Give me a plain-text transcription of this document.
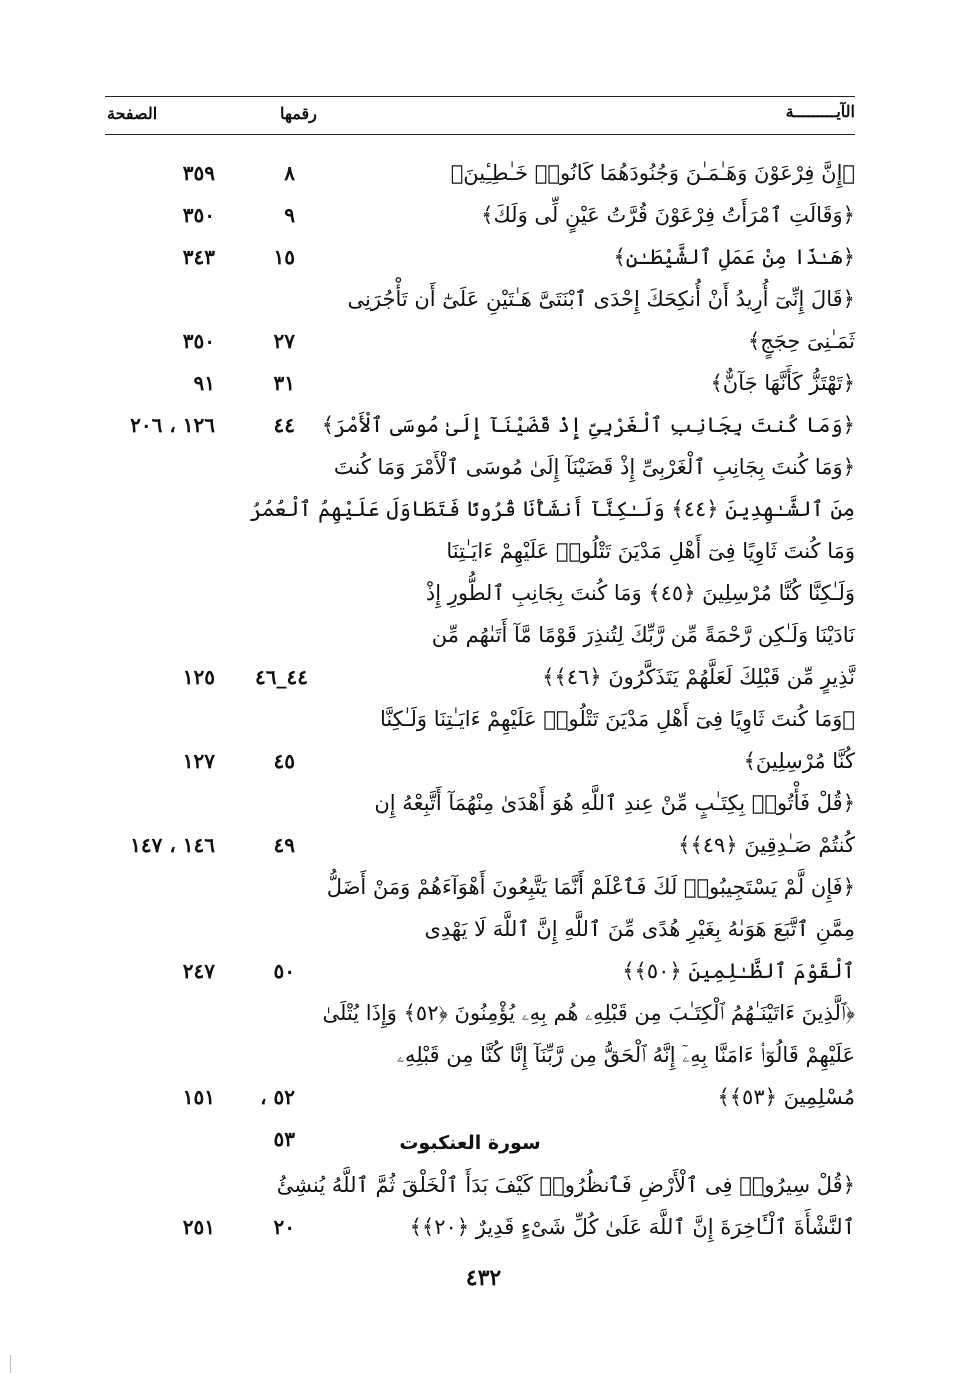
الآيـــــــــة
رقمها
الصفحة
﴿إِنَّ فِرْعَوْنَ وَهَـٰمَـٰنَ وَجُنُودَهُمَا كَانُوا۟ خَـٰطِـِٔينَ﴾
٨
٣٥٩
﴿وَقَالَتِ ٱمْرَأَتُ فِرْعَوْنَ قُرَّتُ عَيْنٍ لِّى وَلَكَ﴾
٩
٣٥٠
﴿هَـٰذَا مِنْ عَمَلِ ٱلشَّيْطَـٰنِ﴾
١٥
٣٤٣
﴿قَالَ إِنِّىٓ أُرِيدُ أَنْ أُنكِحَكَ إِحْدَى ٱبْنَتَىَّ هَـٰتَيْنِ عَلَىٰٓ أَن تَأْجُرَنِى
ثَمَـٰنِىَ حِجَجٍ﴾
٢٧
٣٥٠
﴿تَهْتَزُّ كَأَنَّهَا جَآنٌّ﴾
٣١
٩١
﴿وَمَا كُنتَ بِجَانِبِ ٱلْغَرْبِىِّ إِذْ قَضَيْنَآ إِلَىٰ مُوسَى ٱلْأَمْرَ﴾
٤٤
١٢٦ ، ٢٠٦
﴿وَمَا كُنتَ بِجَانِبِ ٱلْغَرْبِىِّ إِذْ قَضَيْنَآ إِلَىٰ مُوسَى ٱلْأَمْرَ وَمَا كُنتَ
مِنَ ٱلشَّـٰهِدِينَ ﴿٤٤﴾ وَلَـٰكِنَّآ أَنشَأْنَا قُرُونًا فَتَطَاوَلَ عَلَيْهِمُ ٱلْعُمُرُ
وَمَا كُنتَ ثَاوِيًا فِىٓ أَهْلِ مَدْيَنَ تَتْلُوا۟ عَلَيْهِمْ ءَايَـٰتِنَا
وَلَـٰكِنَّا كُنَّا مُرْسِلِينَ ﴿٤٥﴾ وَمَا كُنتَ بِجَانِبِ ٱلطُّورِ إِذْ
نَادَيْنَا وَلَـٰكِن رَّحْمَةً مِّن رَّبِّكَ لِتُنذِرَ قَوْمًا مَّآ أَتَىٰهُم مِّن
نَّذِيرٍ مِّن قَبْلِكَ لَعَلَّهُمْ يَتَذَكَّرُونَ ﴿٤٦﴾﴾
٤٤_٤٦
١٢٥
﴿وَمَا كُنتَ ثَاوِيًا فِىٓ أَهْلِ مَدْيَنَ تَتْلُوا۟ عَلَيْهِمْ ءَايَـٰتِنَا وَلَـٰكِنَّا
كُنَّا مُرْسِلِينَ﴾
٤٥
١٢٧
﴿قُلْ فَأْتُوا۟ بِكِتَـٰبٍ مِّنْ عِندِ ٱللَّهِ هُوَ أَهْدَىٰ مِنْهُمَآ أَتَّبِعْهُ إِن
كُنتُمْ صَـٰدِقِينَ ﴿٤٩﴾﴾
٤٩
١٤٦ ، ١٤٧
﴿فَإِن لَّمْ يَسْتَجِيبُوا۟ لَكَ فَٱعْلَمْ أَنَّمَا يَتَّبِعُونَ أَهْوَآءَهُمْ وَمَنْ أَضَلُّ
مِمَّنِ ٱتَّبَعَ هَوَىٰهُ بِغَيْرِ هُدًى مِّنَ ٱللَّهِ إِنَّ ٱللَّهَ لَا يَهْدِى
ٱلْقَوْمَ ٱلظَّـٰلِمِينَ ﴿٥٠﴾﴾
٥٠
٢٤٧
﴿ٱلَّذِينَ ءَاتَيْنَـٰهُمُ ٱلْكِتَـٰبَ مِن قَبْلِهِۦ هُم بِهِۦ يُؤْمِنُونَ ﴿٥٢﴾ وَإِذَا يُتْلَىٰ
عَلَيْهِمْ قَالُوٓا۟ ءَامَنَّا بِهِۦٓ إِنَّهُ ٱلْحَقُّ مِن رَّبِّنَآ إِنَّا كُنَّا مِن قَبْلِهِۦ
مُسْلِمِينَ ﴿٥٣﴾﴾
٥٢ ، ٥٣
١٥١
سورة العنكبوت
﴿قُلْ سِيرُوا۟ فِى ٱلْأَرْضِ فَٱنظُرُوا۟ كَيْفَ بَدَأَ ٱلْخَلْقَ ثُمَّ ٱللَّهُ يُنشِئُ
ٱلنَّشْأَةَ ٱلْـَٔاخِرَةَ إِنَّ ٱللَّهَ عَلَىٰ كُلِّ شَىْءٍ قَدِيرٌ ﴿٢٠﴾﴾
٢٠
٢٥١
٤٣٢
